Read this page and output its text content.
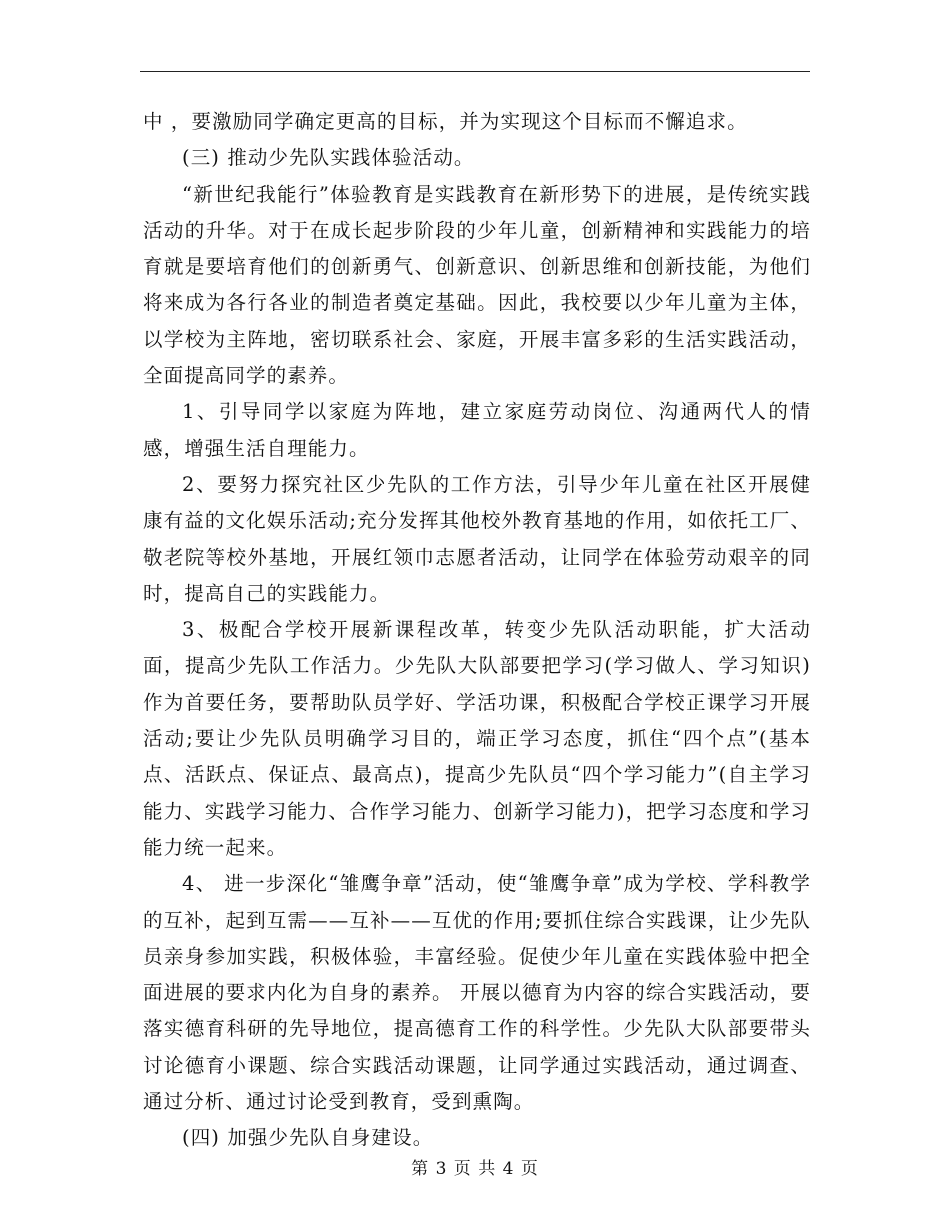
中 ，要激励同学确定更高的目标，并为实现这个目标而不懈追求。

(三) 推动少先队实践体验活动。

“新世纪我能行”体验教育是实践教育在新形势下的进展，是传统实践活动的升华。对于在成长起步阶段的少年儿童，创新精神和实践能力的培育就是要培育他们的创新勇气、创新意识、创新思维和创新技能，为他们将来成为各行各业的制造者奠定基础。因此，我校要以少年儿童为主体，以学校为主阵地，密切联系社会、家庭，开展丰富多彩的生活实践活动，全面提高同学的素养。

1、引导同学以家庭为阵地，建立家庭劳动岗位、沟通两代人的情感，增强生活自理能力。

2、要努力探究社区少先队的工作方法，引导少年儿童在社区开展健康有益的文化娱乐活动;充分发挥其他校外教育基地的作用，如依托工厂、敬老院等校外基地，开展红领巾志愿者活动，让同学在体验劳动艰辛的同时，提高自己的实践能力。

3、极配合学校开展新课程改革，转变少先队活动职能，扩大活动面，提高少先队工作活力。少先队大队部要把学习(学习做人、学习知识)作为首要任务，要帮助队员学好、学活功课，积极配合学校正课学习开展活动;要让少先队员明确学习目的，端正学习态度，抓住“四个点”(基本点、活跃点、保证点、最高点)，提高少先队员“四个学习能力”(自主学习能力、实践学习能力、合作学习能力、创新学习能力)，把学习态度和学习能力统一起来。

4、 进一步深化“雏鹰争章”活动，使“雏鹰争章”成为学校、学科教学的互补，起到互需——互补——互优的作用;要抓住综合实践课，让少先队员亲身参加实践，积极体验，丰富经验。促使少年儿童在实践体验中把全面进展的要求内化为自身的素养。 开展以德育为内容的综合实践活动，要落实德育科研的先导地位，提高德育工作的科学性。少先队大队部要带头讨论德育小课题、综合实践活动课题，让同学通过实践活动，通过调查、通过分析、通过讨论受到教育，受到熏陶。

(四) 加强少先队自身建设。

第 3 页 共 4 页
